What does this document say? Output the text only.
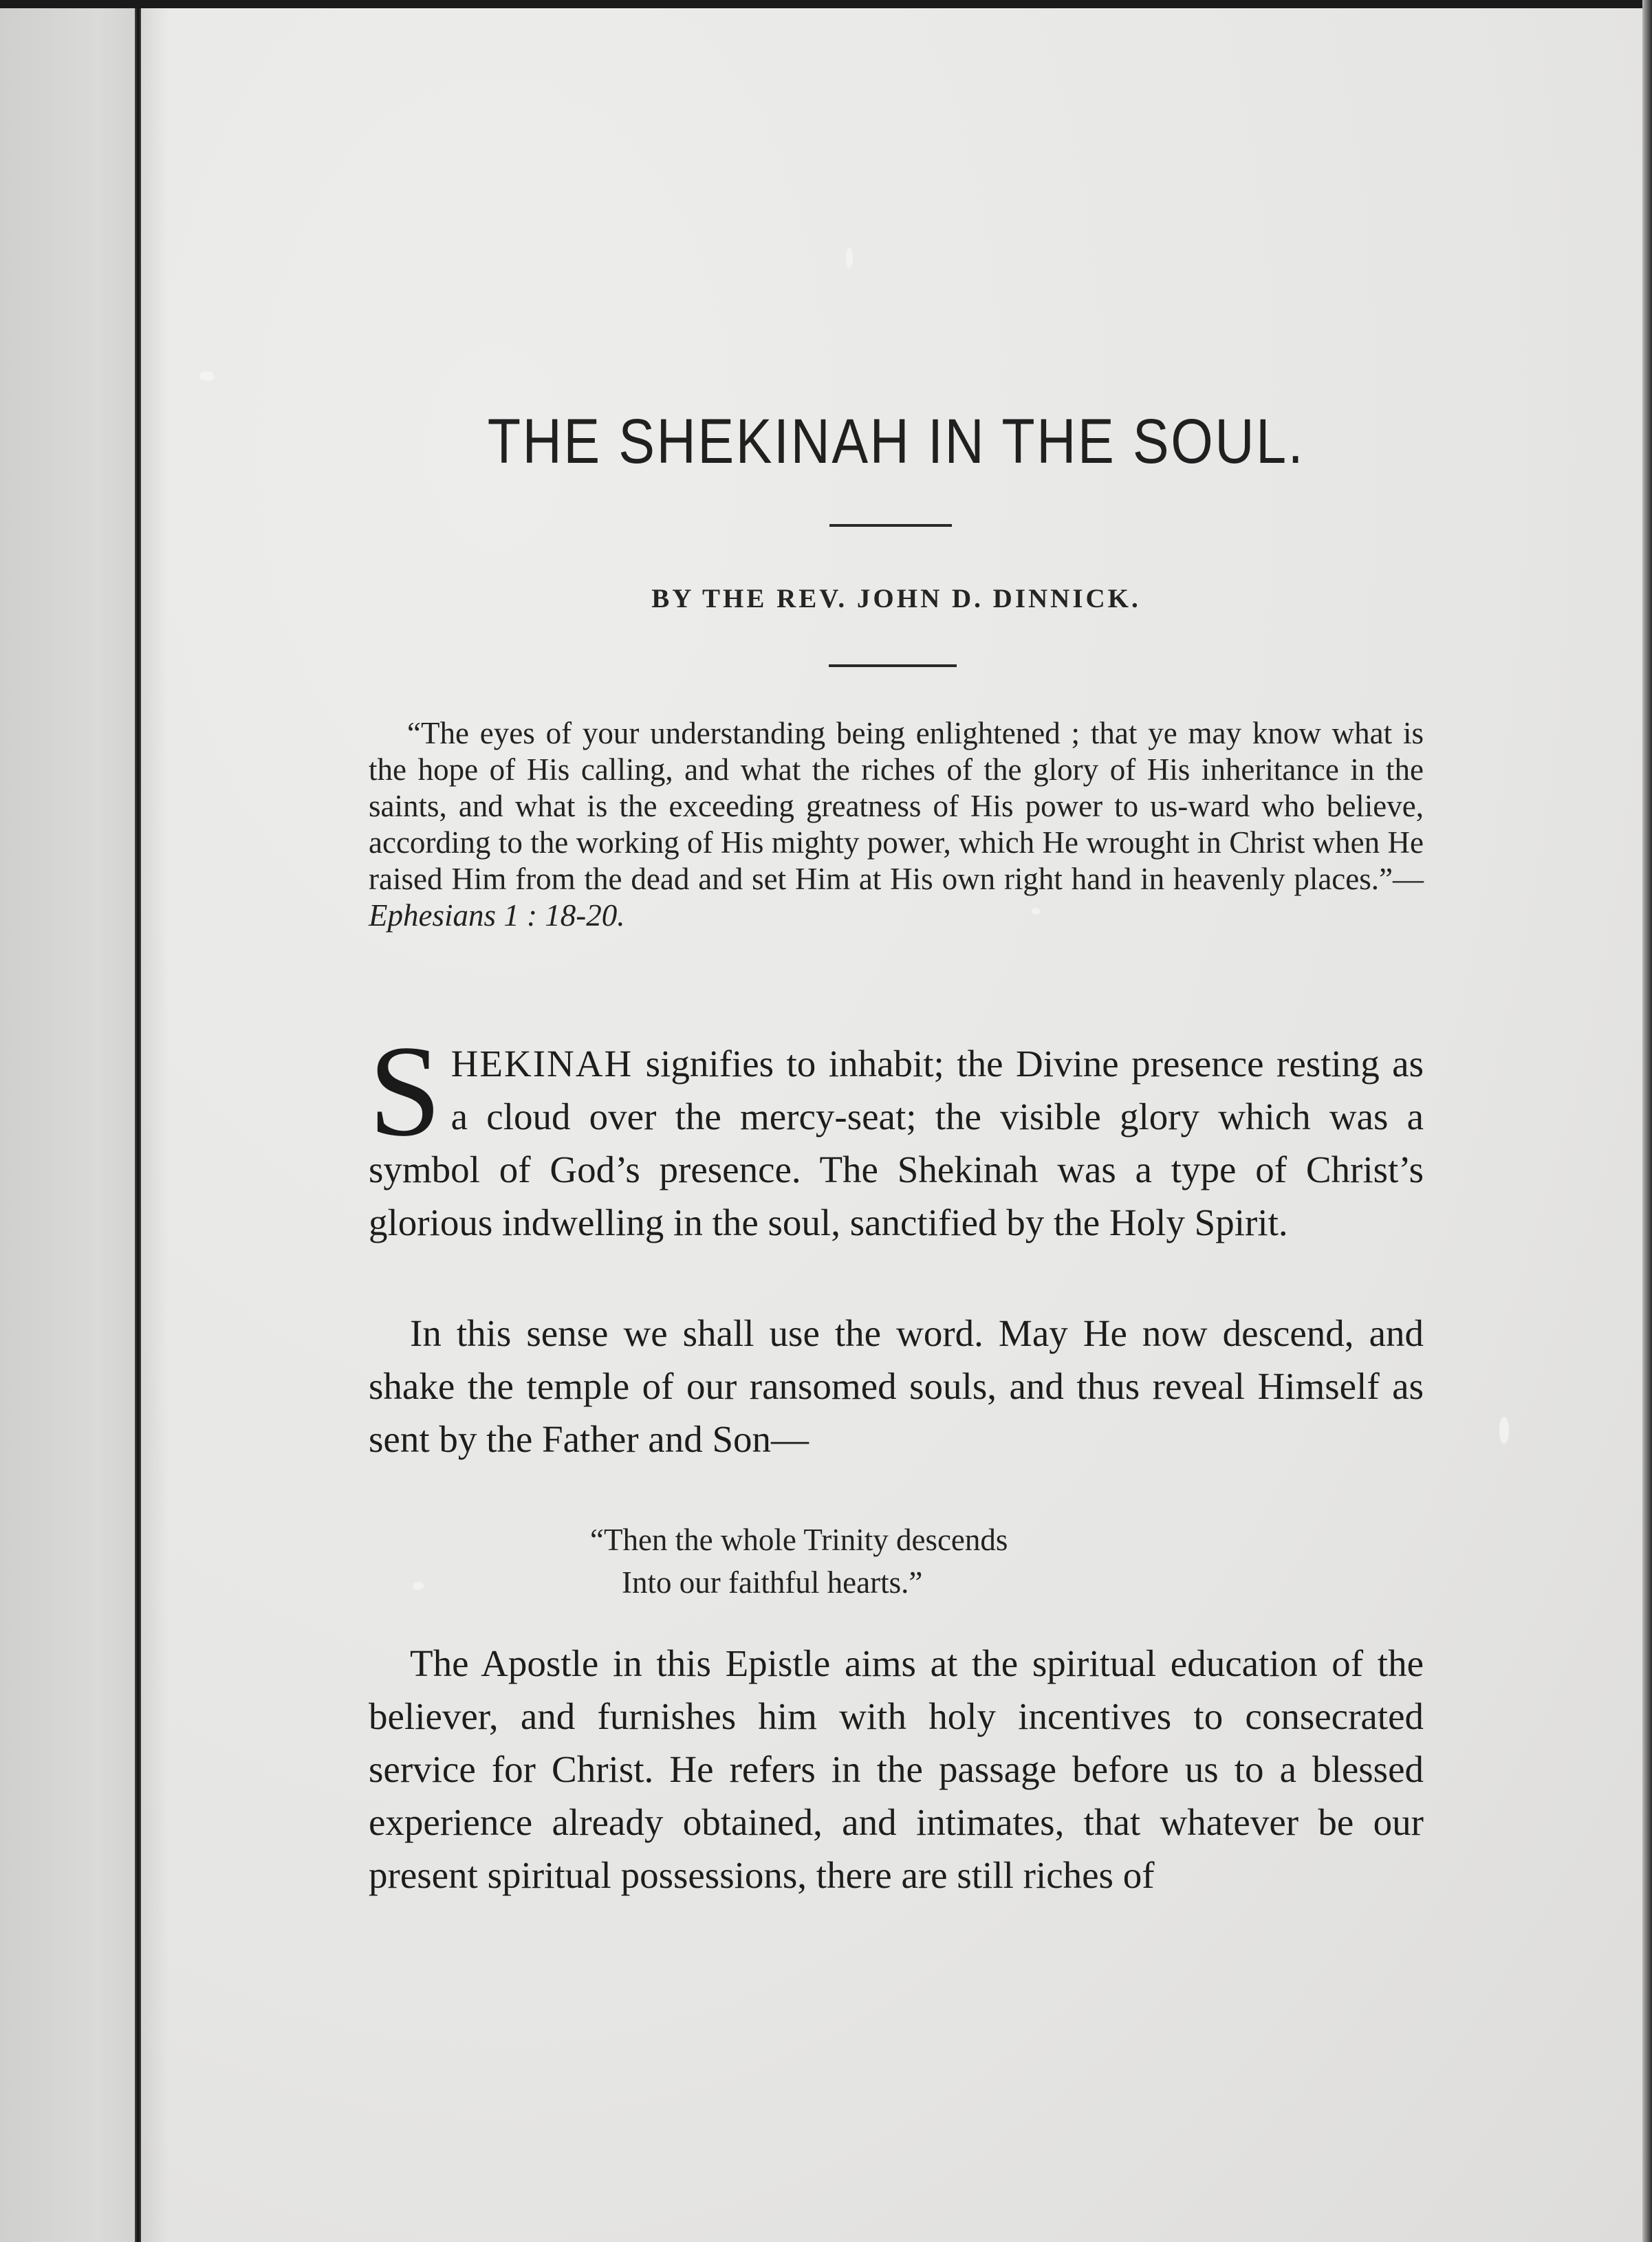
THE SHEKINAH IN THE SOUL.
BY THE REV. JOHN D. DINNICK.

“The eyes of your understanding being enlightened ; that ye may know what is the hope of His calling, and what the riches of the glory of His inheritance in the saints, and what is the exceeding greatness of His power to us-ward who believe, according to the working of His mighty power, which He wrought in Christ when He raised Him from the dead and set Him at His own right hand in heavenly places.”—Ephesians 1 : 18-20.

SHEKINAH signifies to inhabit; the Divine presence resting as a cloud over the mercy-seat; the visible glory which was a symbol of God’s presence. The Shekinah was a type of Christ’s glorious indwelling in the soul, sanctified by the Holy Spirit.

In this sense we shall use the word. May He now descend, and shake the temple of our ransomed souls, and thus reveal Himself as sent by the Father and Son—

“Then the whole Trinity descends
Into our faithful hearts.”

The Apostle in this Epistle aims at the spiritual education of the believer, and furnishes him with holy incentives to consecrated service for Christ. He refers in the passage before us to a blessed experience already obtained, and intimates, that whatever be our present spiritual possessions, there are still riches of
